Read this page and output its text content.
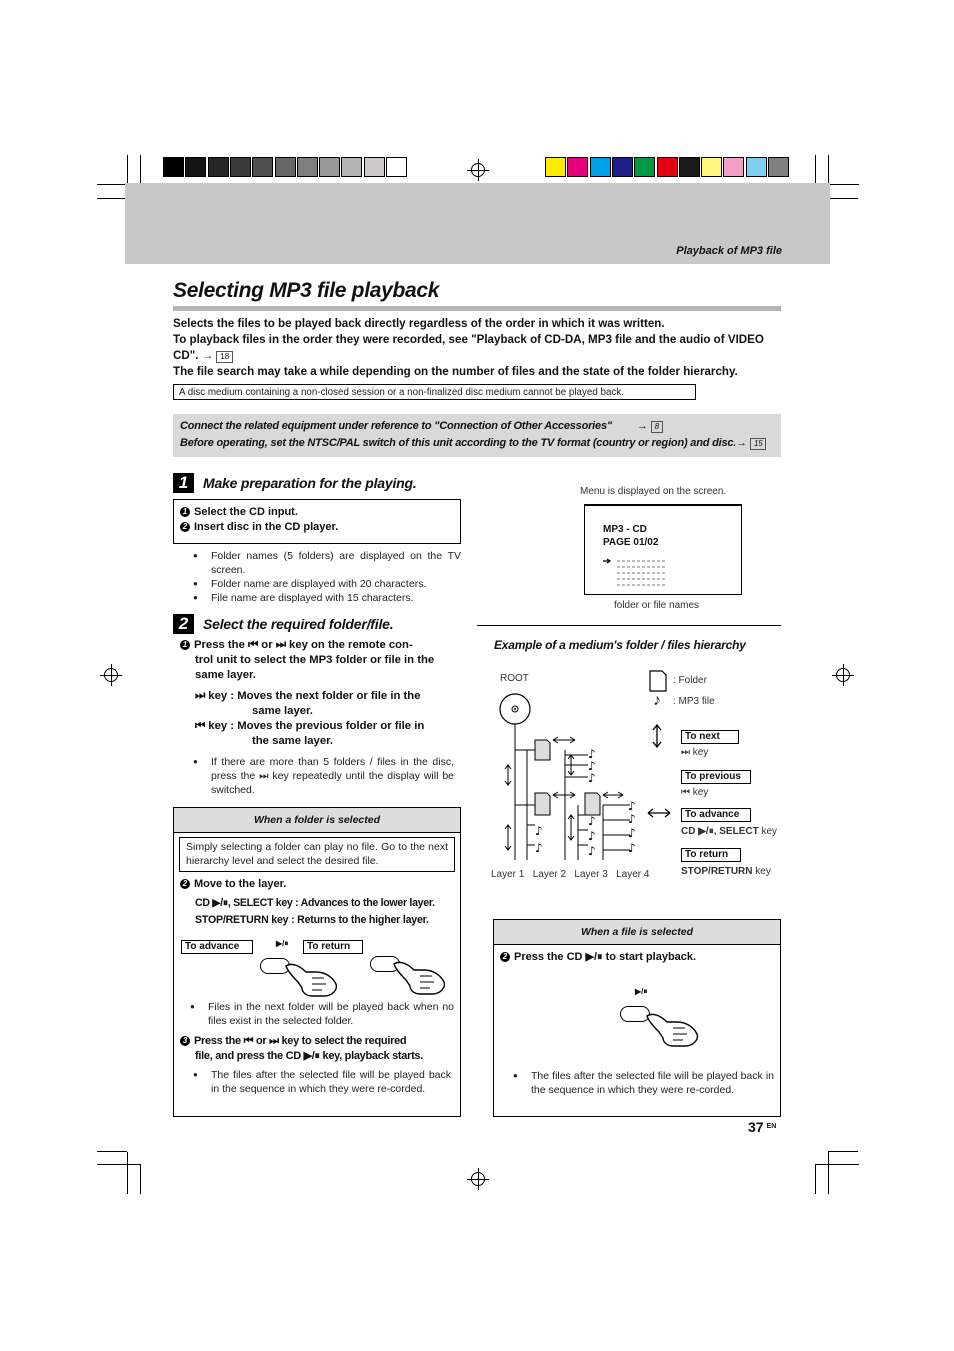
Playback of MP3 file
Selecting MP3 file playback

Selects the files to be played back directly regardless of the order in which it was written.

To playback files in the order they were recorded, see "Playback of CD-DA, MP3 file and the audio of VIDEO CD". → 18

The file search may take a while depending on the number of files and the state of the folder hierarchy.

A disc medium containing a non-closed session or a non-finalized disc medium cannot be played back.
Connect the related equipment under reference to "Connection of Other Accessories" → 8
Before operating, set the NTSC/PAL switch of this unit according to the TV format (country or region) and disc.→ 15
1	Make preparation for the playing.
1 Select the CD input.
2 Insert disc in the CD player.
● Folder names (5 folders) are displayed on the TV screen.
● Folder name are displayed with 20 characters.
● File name are displayed with 15 characters.
Menu is displayed on the screen.
MP3 - CD
PAGE 01/02
folder or file names
2	Select the required folder/file.
1 Press the ⏮ or ⏭ key on the remote con-
trol unit to select the MP3 folder or file in the
same layer.
⏭ key : Moves the next folder or file in the
same layer.
⏮ key : Moves the previous folder or file in
the same layer.
● If there are more than 5 folders / files in the disc, press the ⏭ key repeatedly until the display will be switched.
When a folder is selected
Simply selecting a folder can play no file. Go to the next hierarchy level and select the desired file.
2 Move to the layer.
CD ▶/⏸, SELECT key : Advances to the lower layer.
STOP/RETURN key : Returns to the higher layer.
To advance	▶/⏸	To return
● Files in the next folder will be played back when no files exist in the selected folder.
3 Press the ⏮ or ⏭ key to select the required
file, and press the CD ▶/⏸ key, playback starts.
● The files after the selected file will be played back in the sequence in which they were re-corded.
Example of a medium's folder / files hierarchy
ROOT
♪
♪
♪
♪
♪
♪
♪
♪
♪
♪
♪
♪
Layer 1 Layer 2 Layer 3 Layer 4
: Folder
♪ : MP3 file
To next
⏭ key
To previous
⏮ key
To advance
CD ▶/⏸, SELECT key
To return
STOP/RETURN key
When a file is selected
2 Press the CD ▶/⏸ to start playback.
▶/⏸
● The files after the selected file will be played back in the sequence in which they were re-corded.
37 $^{EN}$
